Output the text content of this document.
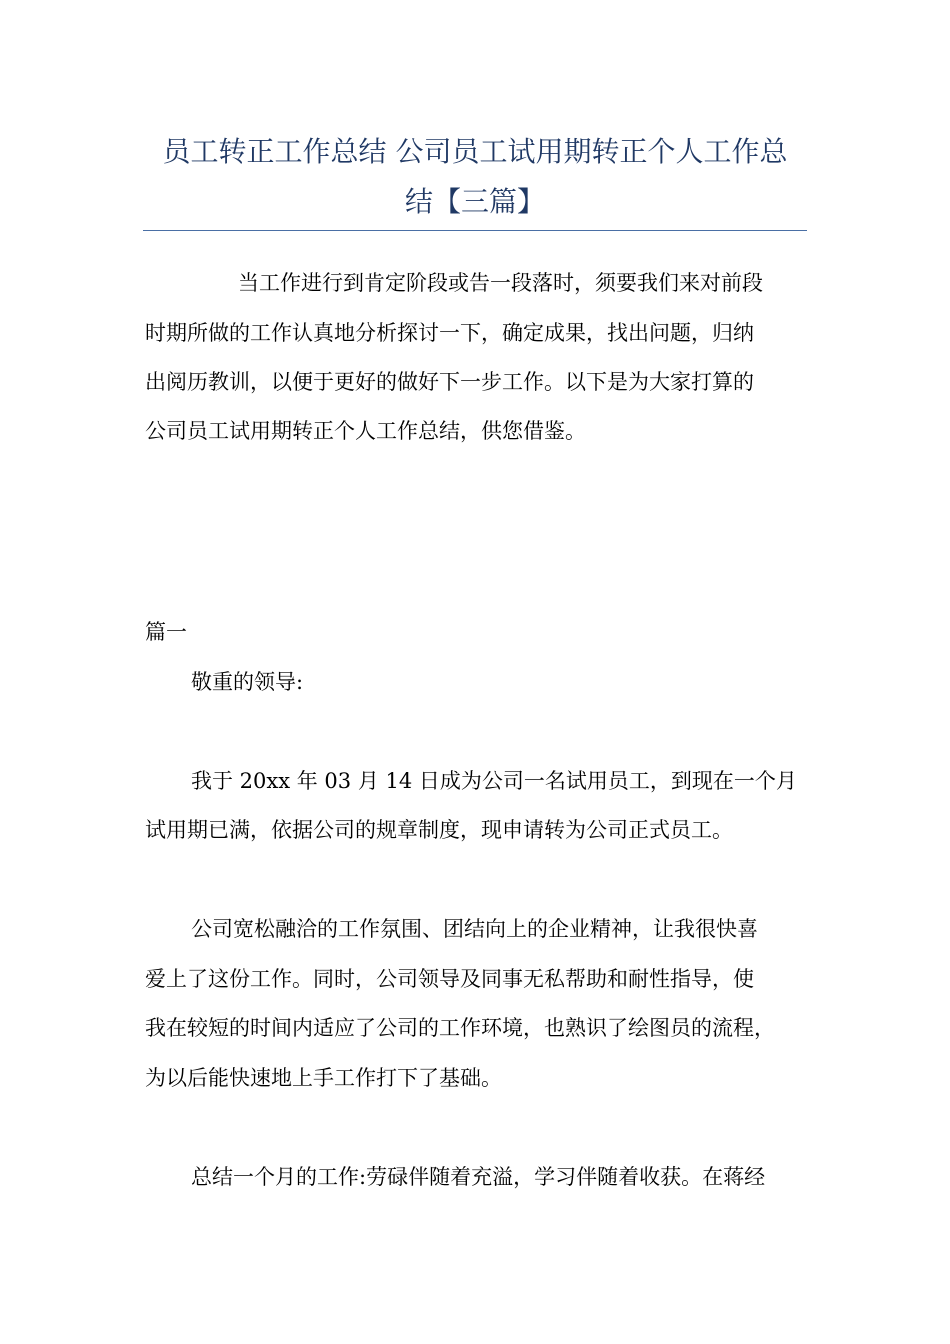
员工转正工作总结 公司员工试用期转正个人工作总
结【三篇】

当工作进行到肯定阶段或告一段落时，须要我们来对前段

时期所做的工作认真地分析探讨一下，确定成果，找出问题，归纳

出阅历教训，以便于更好的做好下一步工作。以下是为大家打算的

公司员工试用期转正个人工作总结，供您借鉴。

篇一

敬重的领导:

我于 20xx 年 03 月 14 日成为公司一名试用员工，到现在一个月

试用期已满，依据公司的规章制度，现申请转为公司正式员工。

公司宽松融洽的工作氛围、团结向上的企业精神，让我很快喜

爱上了这份工作。同时，公司领导及同事无私帮助和耐性指导，使

我在较短的时间内适应了公司的工作环境，也熟识了绘图员的流程，

为以后能快速地上手工作打下了基础。

总结一个月的工作:劳碌伴随着充溢，学习伴随着收获。在蒋经
